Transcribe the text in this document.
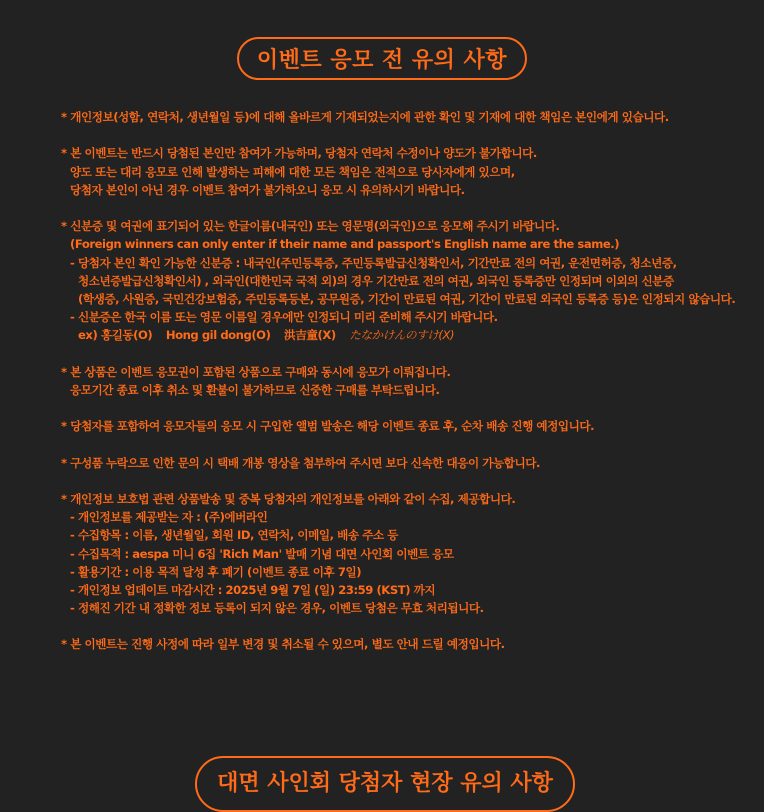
이벤트 응모 전 유의 사항
* 개인정보(성함, 연락처, 생년월일 등)에 대해 올바르게 기재되었는지에 관한 확인 및 기재에 대한 책임은 본인에게 있습니다.
* 본 이벤트는 반드시 당첨된 본인만 참여가 가능하며, 당첨자 연락처 수정이나 양도가 불가합니다.
양도 또는 대리 응모로 인해 발생하는 피해에 대한 모든 책임은 전적으로 당사자에게 있으며,
당첨자 본인이 아닌 경우 이벤트 참여가 불가하오니 응모 시 유의하시기 바랍니다.
* 신분증 및 여권에 표기되어 있는 한글이름(내국인) 또는 영문명(외국인)으로 응모해 주시기 바랍니다.
(Foreign winners can only enter if their name and passport's English name are the same.)
- 당첨자 본인 확인 가능한 신분증 : 내국인(주민등록증, 주민등록발급신청확인서, 기간만료 전의 여권, 운전면허증, 청소년증,
청소년증발급신청확인서) , 외국인(대한민국 국적 외)의 경우 기간만료 전의 여권, 외국인 등록증만 인정되며 이외의 신분증
(학생증, 사원증, 국민건강보험증, 주민등록등본, 공무원증, 기간이 만료된 여권, 기간이 만료된 외국인 등록증 등)은 인정되지 않습니다.
- 신분증은 한국 이름 또는 영문 이름일 경우에만 인정되니 미리 준비해 주시기 바랍니다.
ex) 홍길동(O) Hong gil dong(O) 洪吉童(X) たなかけんのすけ(X)
* 본 상품은 이벤트 응모권이 포함된 상품으로 구매와 동시에 응모가 이뤄집니다.
응모기간 종료 이후 취소 및 환불이 불가하므로 신중한 구매를 부탁드립니다.
* 당첨자를 포함하여 응모자들의 응모 시 구입한 앨범 발송은 해당 이벤트 종료 후, 순차 배송 진행 예정입니다.
* 구성품 누락으로 인한 문의 시 택배 개봉 영상을 첨부하여 주시면 보다 신속한 대응이 가능합니다.
* 개인정보 보호법 관련 상품발송 및 중복 당첨자의 개인정보를 아래와 같이 수집, 제공합니다.
- 개인정보를 제공받는 자 : (주)에버라인
- 수집항목 : 이름, 생년월일, 회원 ID, 연락처, 이메일, 배송 주소 등
- 수집목적 : aespa 미니 6집 'Rich Man' 발매 기념 대면 사인회 이벤트 응모
- 활용기간 : 이용 목적 달성 후 폐기 (이벤트 종료 이후 7일)
- 개인정보 업데이트 마감시간 : 2025년 9월 7일 (일) 23:59 (KST) 까지
- 정해진 기간 내 정확한 정보 등록이 되지 않은 경우, 이벤트 당첨은 무효 처리됩니다.
* 본 이벤트는 진행 사정에 따라 일부 변경 및 취소될 수 있으며, 별도 안내 드릴 예정입니다.
대면 사인회 당첨자 현장 유의 사항
